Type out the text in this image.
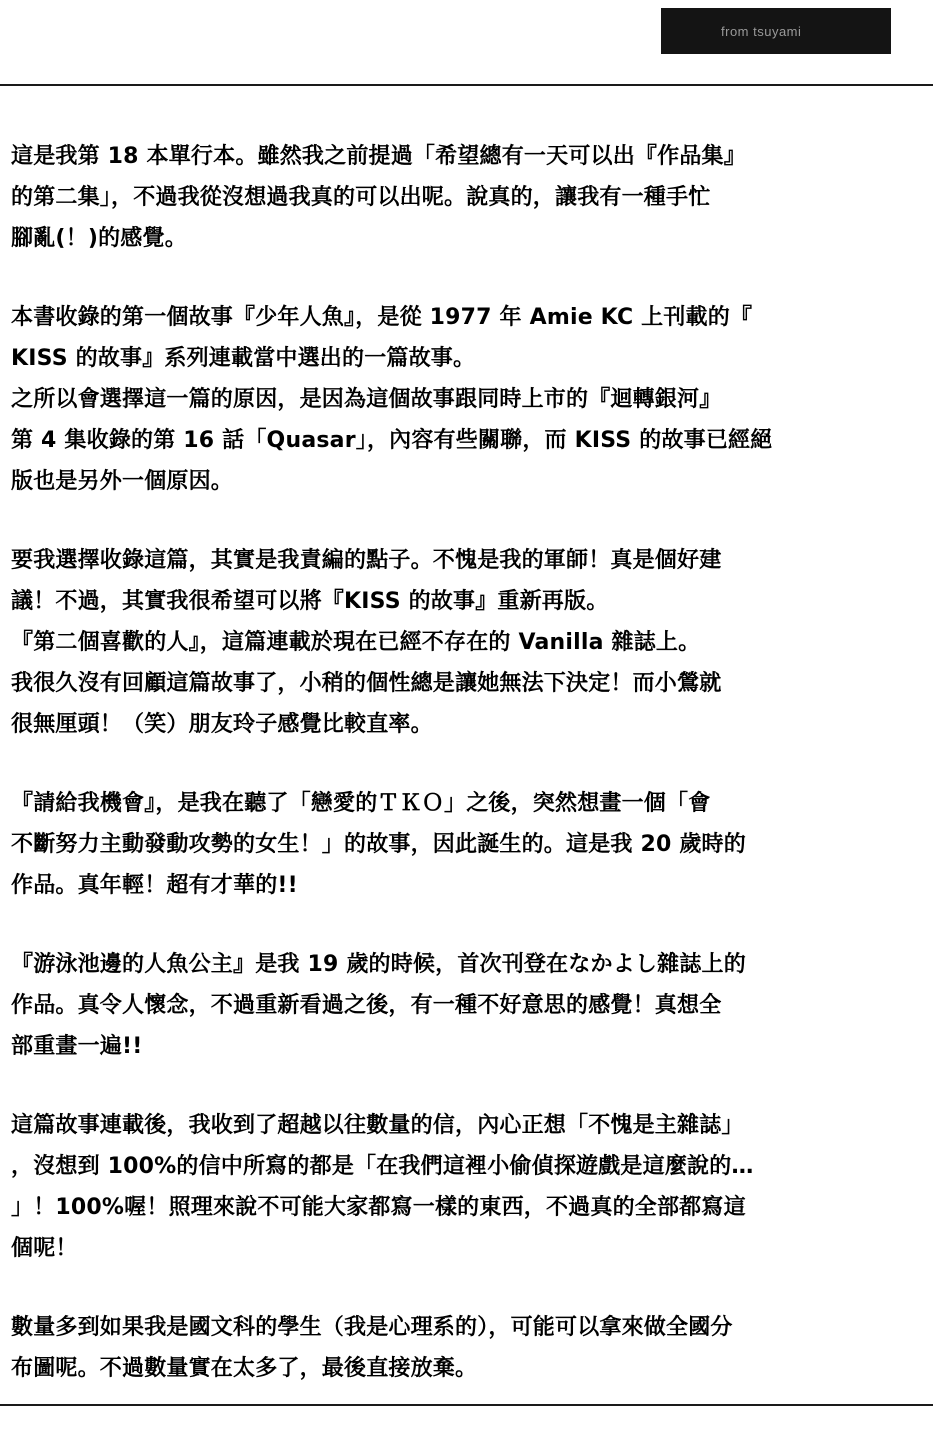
from tsuyami
這是我第 18 本單行本。雖然我之前提過「希望總有一天可以出『作品集』
的第二集」，不過我從沒想過我真的可以出呢。說真的，讓我有一種手忙
腳亂(！)的感覺。
本書收錄的第一個故事『少年人魚』，是從 1977 年 Amie KC 上刊載的『
KISS 的故事』系列連載當中選出的一篇故事。
之所以會選擇這一篇的原因，是因為這個故事跟同時上市的『迴轉銀河』
第 4 集收錄的第 16 話「Quasar」，內容有些關聯，而 KISS 的故事已經絕
版也是另外一個原因。
要我選擇收錄這篇，其實是我責編的點子。不愧是我的軍師！真是個好建
議！不過，其實我很希望可以將『KISS 的故事』重新再版。
『第二個喜歡的人』，這篇連載於現在已經不存在的 Vanilla 雜誌上。
我很久沒有回顧這篇故事了，小稍的個性總是讓她無法下決定！而小鶯就
很無厘頭！（笑）朋友玲子感覺比較直率。
『請給我機會』，是我在聽了「戀愛的ＴＫＯ」之後，突然想畫一個「會
不斷努力主動發動攻勢的女生！」的故事，因此誕生的。這是我 20 歲時的
作品。真年輕！超有才華的!!
『游泳池邊的人魚公主』是我 19 歲的時候，首次刊登在なかよし雜誌上的
作品。真令人懷念，不過重新看過之後，有一種不好意思的感覺！真想全
部重畫一遍!!
這篇故事連載後，我收到了超越以往數量的信，內心正想「不愧是主雜誌」
，沒想到 100%的信中所寫的都是「在我們這裡小偷偵探遊戲是這麼說的…
」！100%喔！照理來說不可能大家都寫一樣的東西，不過真的全部都寫這
個呢！
數量多到如果我是國文科的學生（我是心理系的），可能可以拿來做全國分
布圖呢。不過數量實在太多了，最後直接放棄。
